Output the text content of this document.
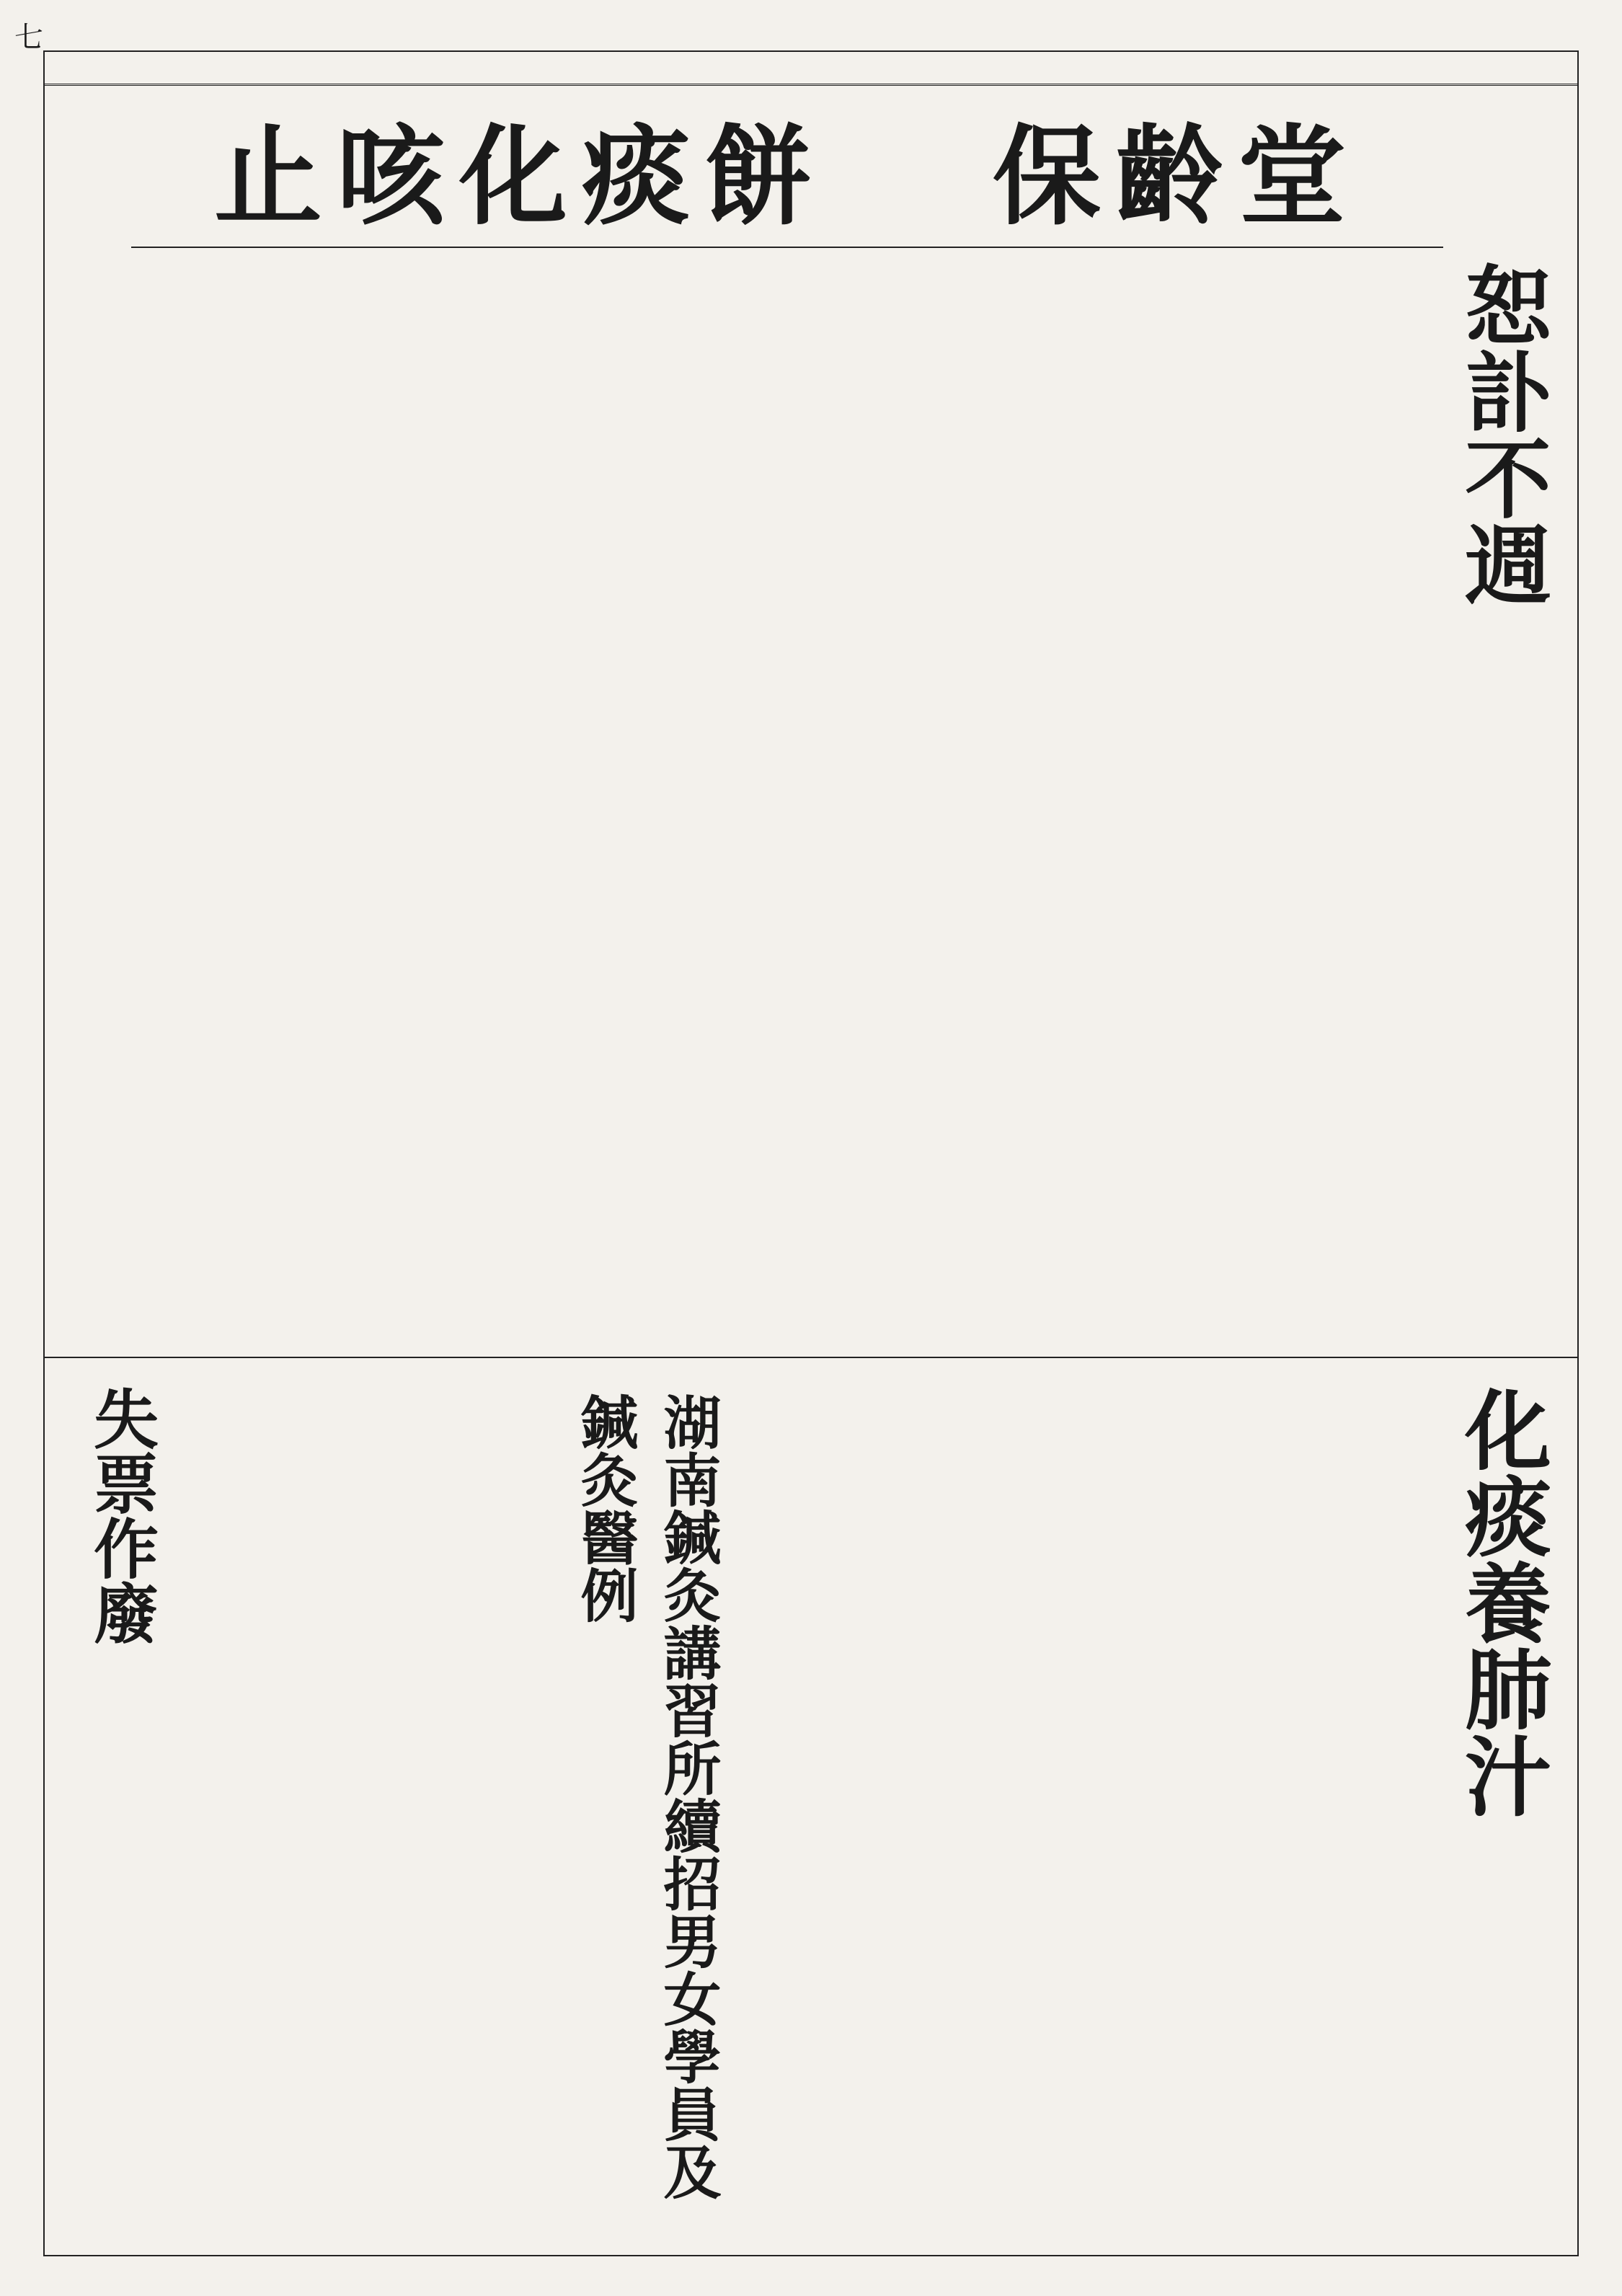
七
止咳化痰餅 保齡堂
恕訃不週
化痰養肺汁
湖南鍼灸講習所續招男女學員及鍼灸醫例
失票作廢
